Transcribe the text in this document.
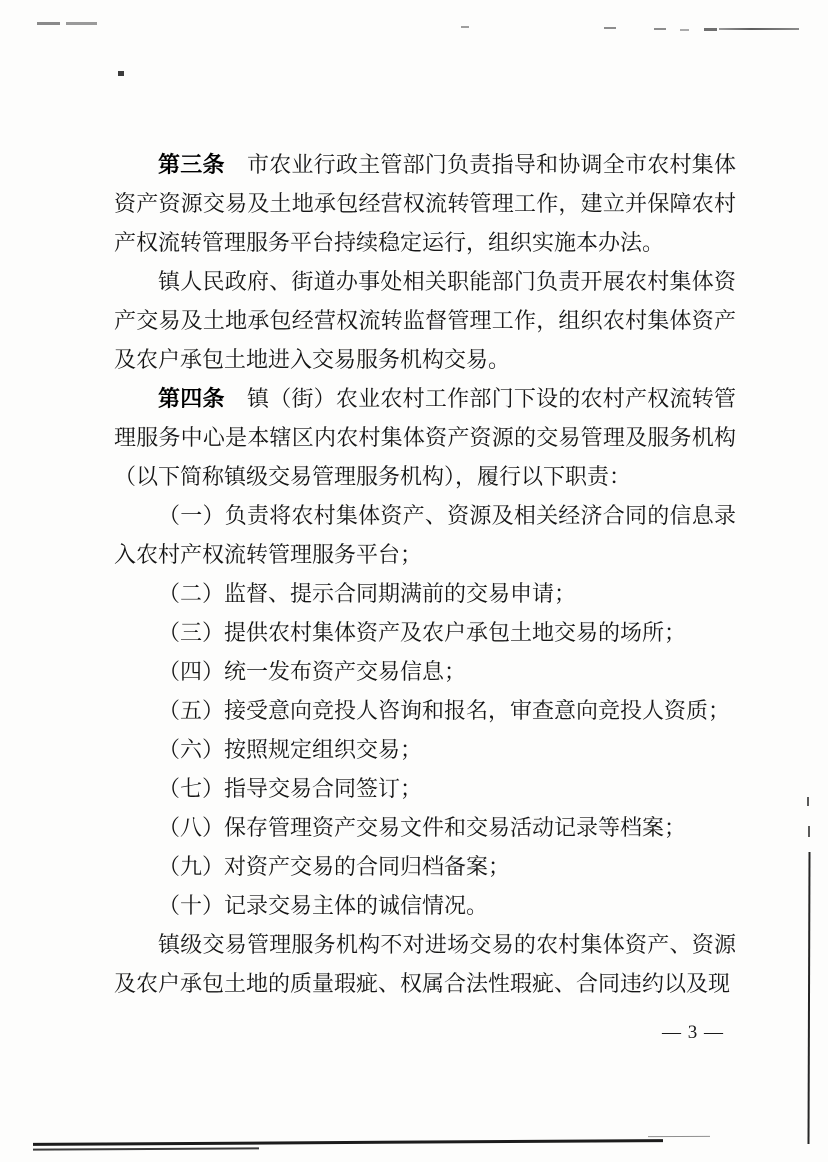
第三条　市农业行政主管部门负责指导和协调全市农村集体资产资源交易及土地承包经营权流转管理工作，建立并保障农村产权流转管理服务平台持续稳定运行，组织实施本办法。

镇人民政府、街道办事处相关职能部门负责开展农村集体资产交易及土地承包经营权流转监督管理工作，组织农村集体资产及农户承包土地进入交易服务机构交易。

第四条　镇（街）农业农村工作部门下设的农村产权流转管理服务中心是本辖区内农村集体资产资源的交易管理及服务机构（以下简称镇级交易管理服务机构），履行以下职责：

（一）负责将农村集体资产、资源及相关经济合同的信息录入农村产权流转管理服务平台；

（二）监督、提示合同期满前的交易申请；

（三）提供农村集体资产及农户承包土地交易的场所；

（四）统一发布资产交易信息；

（五）接受意向竞投人咨询和报名，审查意向竞投人资质；

（六）按照规定组织交易；

（七）指导交易合同签订；

（八）保存管理资产交易文件和交易活动记录等档案；

（九）对资产交易的合同归档备案；

（十）记录交易主体的诚信情况。

镇级交易管理服务机构不对进场交易的农村集体资产、资源及农户承包土地的质量瑕疵、权属合法性瑕疵、合同违约以及现

— 3 —
